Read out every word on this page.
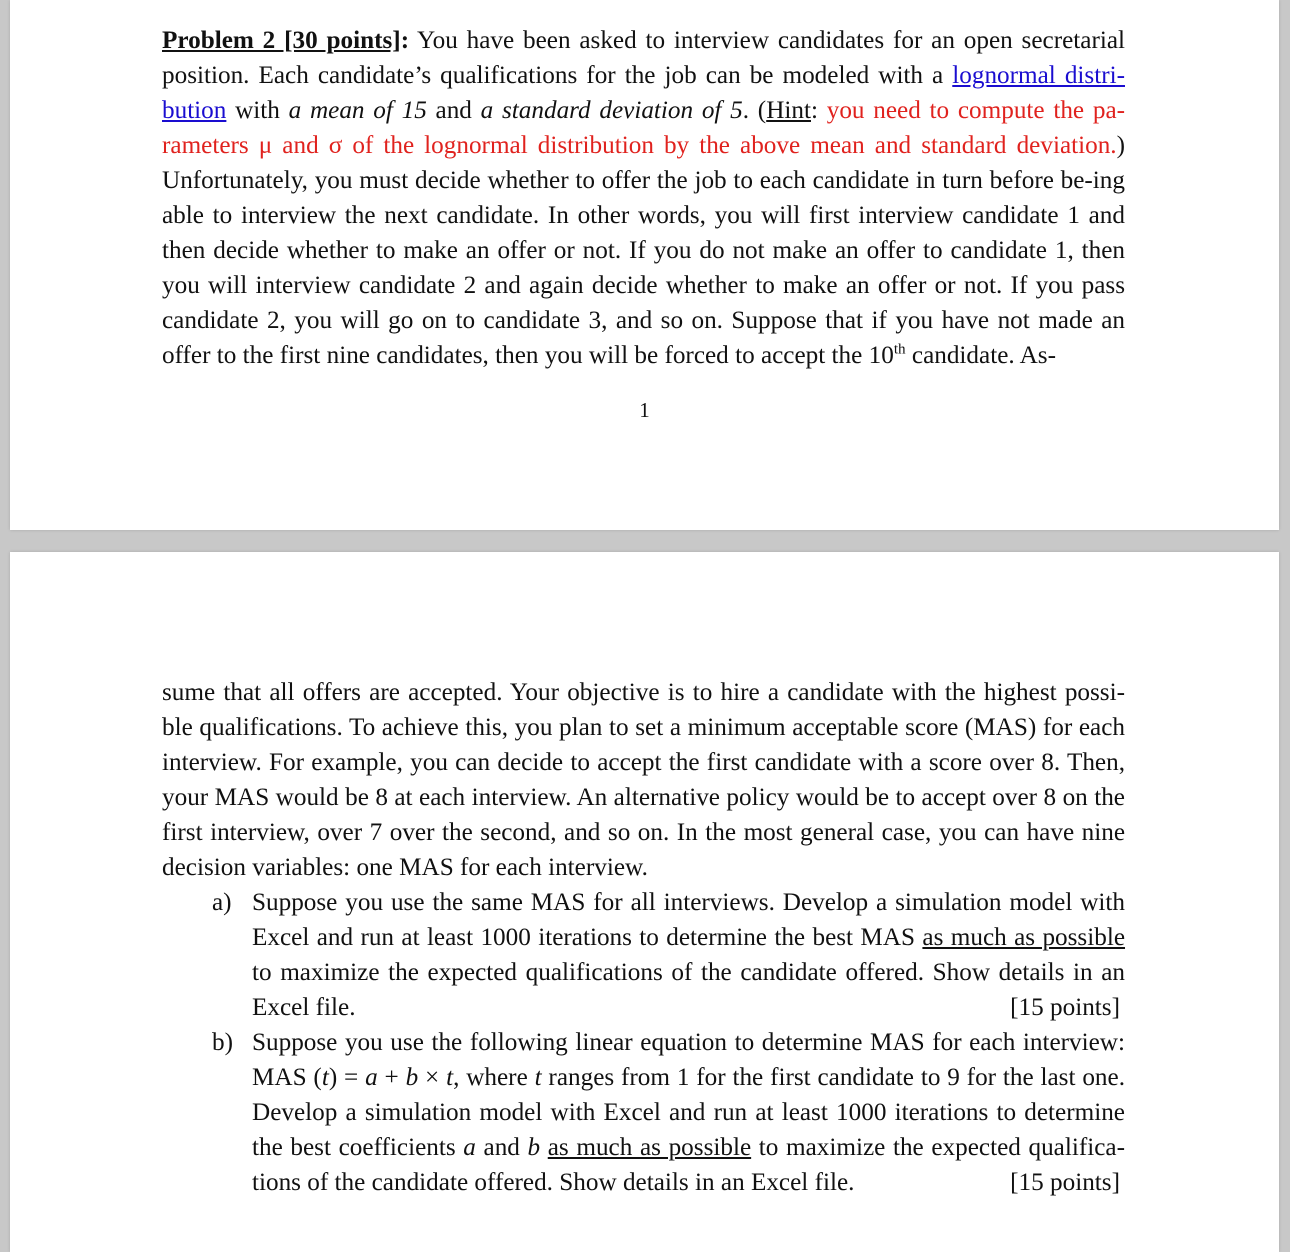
Problem 2 [30 points]: You have been asked to interview candidates for an open secretarial position. Each candidate’s qualifications for the job can be modeled with a lognormal distri-bution with a mean of 15 and a standard deviation of 5. (Hint: you need to compute the pa-rameters μ and σ of the lognormal distribution by the above mean and standard deviation.) Unfortunately, you must decide whether to offer the job to each candidate in turn before be-ing able to interview the next candidate. In other words, you will first interview candidate 1 and then decide whether to make an offer or not. If you do not make an offer to candidate 1, then you will interview candidate 2 and again decide whether to make an offer or not. If you pass candidate 2, you will go on to candidate 3, and so on. Suppose that if you have not made an offer to the first nine candidates, then you will be forced to accept the 10th candidate. As-
1
sume that all offers are accepted. Your objective is to hire a candidate with the highest possi-ble qualifications. To achieve this, you plan to set a minimum acceptable score (MAS) for each interview. For example, you can decide to accept the first candidate with a score over 8. Then, your MAS would be 8 at each interview. An alternative policy would be to accept over 8 on the first interview, over 7 over the second, and so on. In the most general case, you can have nine decision variables: one MAS for each interview.
a) Suppose you use the same MAS for all interviews. Develop a simulation model with Excel and run at least 1000 iterations to determine the best MAS as much as possible to maximize the expected qualifications of the candidate offered. Show details in an Excel file.	[15 points]
b) Suppose you use the following linear equation to determine MAS for each interview: MAS (t) = a + b × t, where t ranges from 1 for the first candidate to 9 for the last one. Develop a simulation model with Excel and run at least 1000 iterations to determine the best coefficients a and b as much as possible to maximize the expected qualifica-tions of the candidate offered. Show details in an Excel file.	[15 points]
